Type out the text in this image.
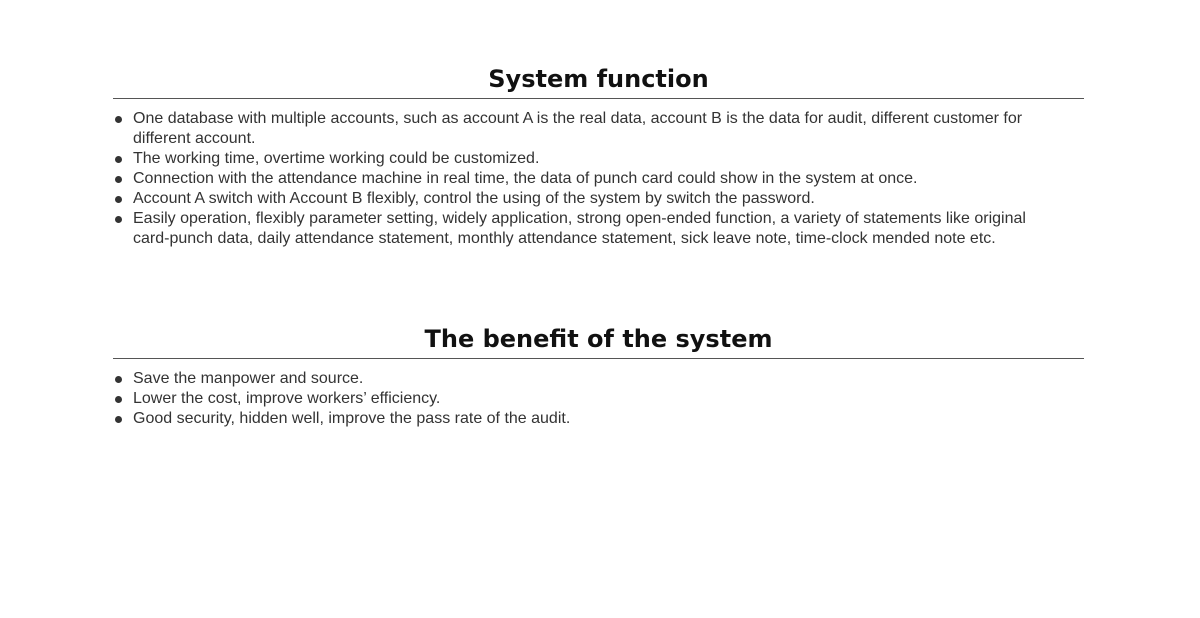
System function
One database with multiple accounts, such as account A is the real data, account B is the data for audit, different customer for different account.
The working time, overtime working could be customized.
Connection with the attendance machine in real time, the data of punch card could show in the system at once.
Account A switch with Account B flexibly, control the using of the system by switch the password.
Easily operation, flexibly parameter setting, widely application, strong open-ended function, a variety of statements like original card-punch data, daily attendance statement, monthly attendance statement, sick leave note, time-clock mended note etc.
The benefit of the system
Save the manpower and source.
Lower the cost, improve workers’ efficiency.
Good security, hidden well, improve the pass rate of the audit.
